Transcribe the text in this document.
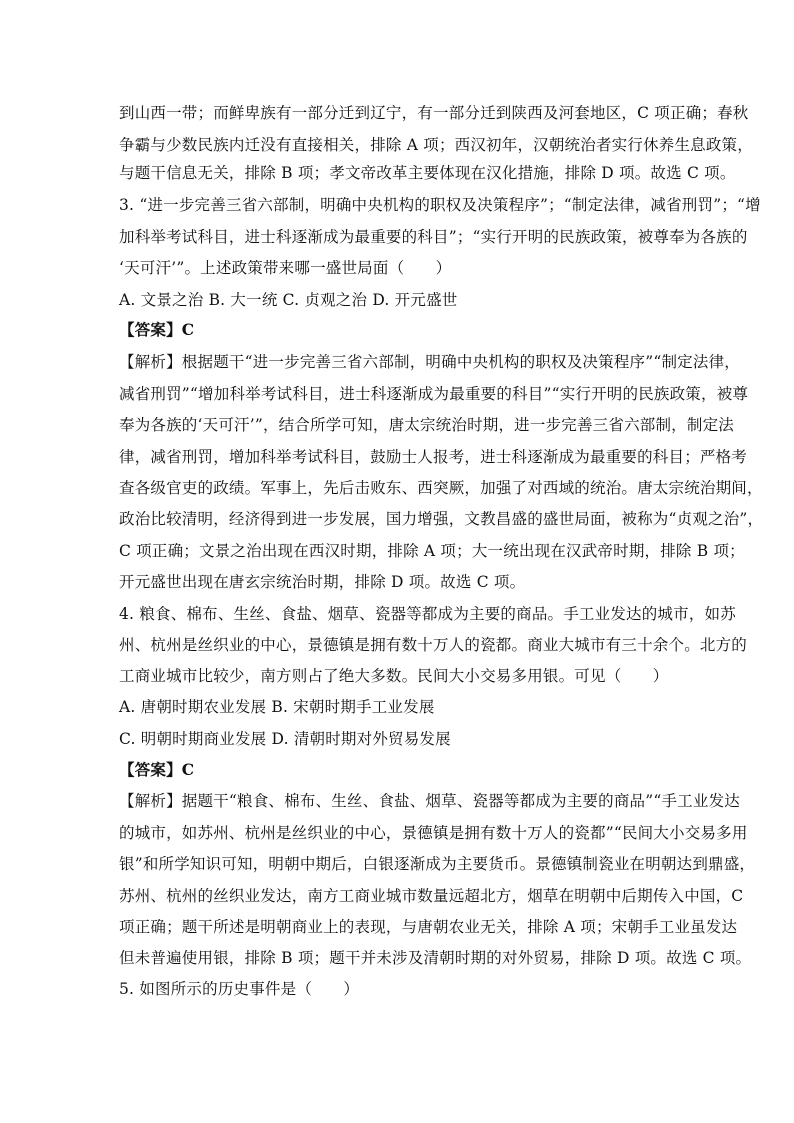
到山西一带；而鲜卑族有一部分迁到辽宁，有一部分迁到陕西及河套地区，C 项正确；春秋
争霸与少数民族内迁没有直接相关，排除 A 项；西汉初年，汉朝统治者实行休养生息政策，
与题干信息无关，排除 B 项；孝文帝改革主要体现在汉化措施，排除 D 项。故选 C 项。
3. “进一步完善三省六部制，明确中央机构的职权及决策程序”；“制定法律，减省刑罚”；“增
加科举考试科目，进士科逐渐成为最重要的科目”；“实行开明的民族政策，被尊奉为各族的
‘天可汗’”。上述政策带来哪一盛世局面（　　）
A. 文景之治 B. 大一统 C. 贞观之治 D. 开元盛世
【答案】C
【解析】根据题干“进一步完善三省六部制，明确中央机构的职权及决策程序”“制定法律，
减省刑罚”“增加科举考试科目，进士科逐渐成为最重要的科目”“实行开明的民族政策，被尊
奉为各族的‘天可汗’”，结合所学可知，唐太宗统治时期，进一步完善三省六部制，制定法
律，减省刑罚，增加科举考试科目，鼓励士人报考，进士科逐渐成为最重要的科目；严格考
查各级官吏的政绩。军事上，先后击败东、西突厥，加强了对西域的统治。唐太宗统治期间，
政治比较清明，经济得到进一步发展，国力增强，文教昌盛的盛世局面，被称为“贞观之治”，
C 项正确；文景之治出现在西汉时期，排除 A 项；大一统出现在汉武帝时期，排除 B 项；
开元盛世出现在唐玄宗统治时期，排除 D 项。故选 C 项。
4. 粮食、棉布、生丝、食盐、烟草、瓷器等都成为主要的商品。手工业发达的城市，如苏
州、杭州是丝织业的中心，景德镇是拥有数十万人的瓷都。商业大城市有三十余个。北方的
工商业城市比较少，南方则占了绝大多数。民间大小交易多用银。可见（　　）
A. 唐朝时期农业发展 B. 宋朝时期手工业发展
C. 明朝时期商业发展 D. 清朝时期对外贸易发展
【答案】C
【解析】据题干“粮食、棉布、生丝、食盐、烟草、瓷器等都成为主要的商品”“手工业发达
的城市，如苏州、杭州是丝织业的中心，景德镇是拥有数十万人的瓷都”“民间大小交易多用
银”和所学知识可知，明朝中期后，白银逐渐成为主要货币。景德镇制瓷业在明朝达到鼎盛，
苏州、杭州的丝织业发达，南方工商业城市数量远超北方，烟草在明朝中后期传入中国，C
项正确；题干所述是明朝商业上的表现，与唐朝农业无关，排除 A 项；宋朝手工业虽发达
但未普遍使用银，排除 B 项；题干并未涉及清朝时期的对外贸易，排除 D 项。故选 C 项。
5. 如图所示的历史事件是（　　）
